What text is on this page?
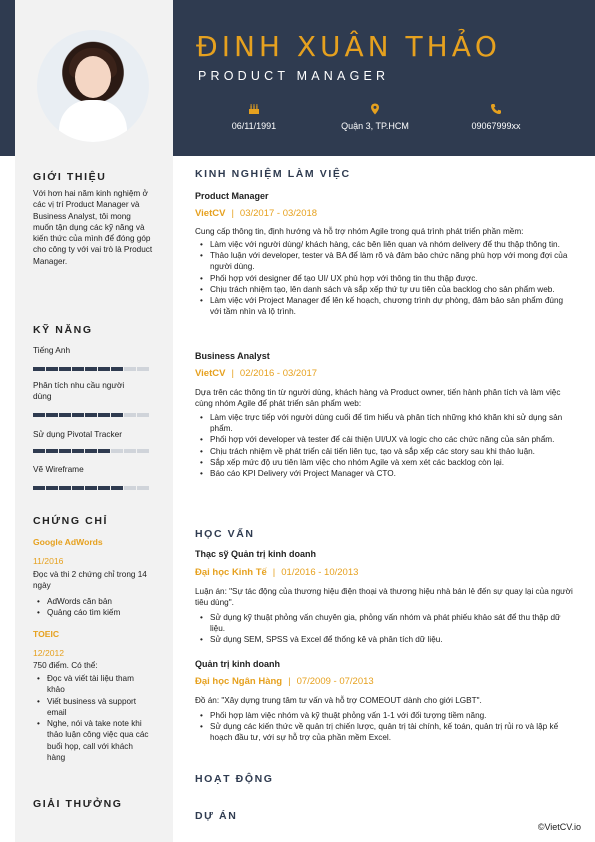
ĐINH XUÂN THẢO
PRODUCT MANAGER
06/11/1991	Quận 3, TP.HCM	09067999xx
GIỚI THIỆU
Với hơn hai năm kinh nghiệm ở các vị trí Product Manager và Business Analyst, tôi mong muốn tận dụng các kỹ năng và kiến thức của mình để đóng góp cho công ty với vai trò là Product Manager.
KỸ NĂNG
Tiếng Anh
Phân tích nhu cầu người dùng
Sử dụng Pivotal Tracker
Vẽ Wireframe
CHỨNG CHỈ
Google AdWords
11/2016
Đọc và thi 2 chứng chỉ trong 14 ngày
• AdWords căn bản
• Quảng cáo tìm kiếm
TOEIC
12/2012
750 điểm. Có thể:
• Đọc và viết tài liệu tham khảo
• Viết business và support email
• Nghe, nói và take note khi thảo luận công việc qua các buổi họp, call với khách hàng
GIẢI THƯỞNG
KINH NGHIỆM LÀM VIỆC
Product Manager
VietCV | 03/2017 - 03/2018
Cung cấp thông tin, định hướng và hỗ trợ nhóm Agile trong quá trình phát triển phần mềm:
• Làm việc với người dùng/ khách hàng, các bên liên quan và nhóm delivery để thu thập thông tin.
• Thảo luận với developer, tester và BA để làm rõ và đảm bảo chức năng phù hợp với mong đợi của người dùng.
• Phối hợp với designer để tạo UI/ UX phù hợp với thông tin thu thập được.
• Chịu trách nhiệm tạo, lên danh sách và sắp xếp thứ tự ưu tiên của backlog cho sản phẩm web.
• Làm việc với Project Manager để lên kế hoạch, chương trình dự phòng, đảm bảo sản phẩm đúng với tầm nhìn và lộ trình.
Business Analyst
VietCV | 02/2016 - 03/2017
Dựa trên các thông tin từ người dùng, khách hàng và Product owner, tiến hành phân tích và làm việc cùng nhóm Agile để phát triển sản phẩm web:
• Làm việc trực tiếp với người dùng cuối để tìm hiểu và phân tích những khó khăn khi sử dụng sản phẩm.
• Phối hợp với developer và tester để cải thiện UI/UX và logic cho các chức năng của sản phẩm.
• Chịu trách nhiệm về phát triển cải tiến liên tục, tạo và sắp xếp các story sau khi thảo luận.
• Sắp xếp mức độ ưu tiên làm việc cho nhóm Agile và xem xét các backlog còn lại.
• Báo cáo KPI Delivery với Project Manager và CTO.
HỌC VẤN
Thạc sỹ Quản trị kinh doanh
Đại học Kinh Tế | 01/2016 - 10/2013
Luận án: "Sự tác động của thương hiệu điện thoại và thương hiệu nhà bán lẻ đến sự quay lại của người tiêu dùng".
• Sử dụng kỹ thuật phỏng vấn chuyên gia, phỏng vấn nhóm và phát phiếu khảo sát để thu thập dữ liệu.
• Sử dụng SEM, SPSS và Excel để thống kê và phân tích dữ liệu.
Quản trị kinh doanh
Đại học Ngân Hàng | 07/2009 - 07/2013
Đồ án: "Xây dựng trung tâm tư vấn và hỗ trợ COMEOUT dành cho giới LGBT".
• Phối hợp làm việc nhóm và kỹ thuật phỏng vấn 1-1 với đối tượng tiềm năng.
• Sử dụng các kiến thức về quản trị chiến lược, quản trị tài chính, kế toán, quản trị rủi ro và lập kế hoạch đầu tư, với sự hỗ trợ của phần mềm Excel.
HOẠT ĐỘNG
DỰ ÁN
©VietCV.io
